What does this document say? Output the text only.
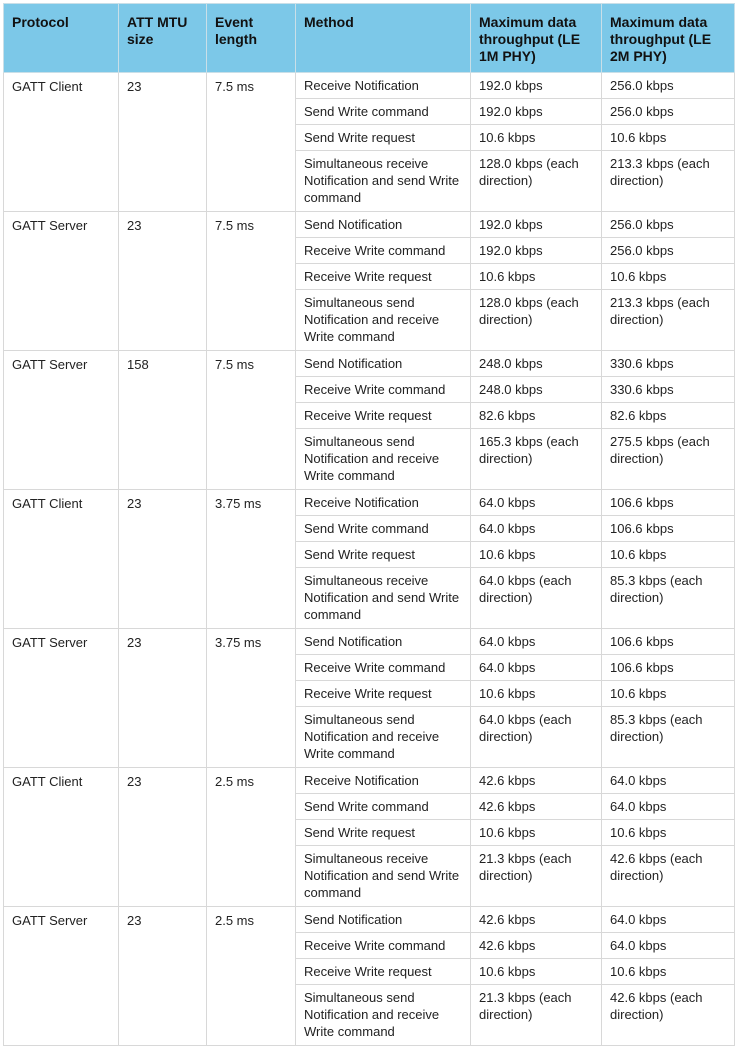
Protocol	ATT MTU size	Event length	Method	Maximum data throughput (LE 1M PHY)	Maximum data throughput (LE 2M PHY)
GATT Client	23	7.5 ms	Receive Notification	192.0 kbps	256.0 kbps
			Send Write command	192.0 kbps	256.0 kbps
			Send Write request	10.6 kbps	10.6 kbps
			Simultaneous receive Notification and send Write command	128.0 kbps (each direction)	213.3 kbps (each direction)
GATT Server	23	7.5 ms	Send Notification	192.0 kbps	256.0 kbps
			Receive Write command	192.0 kbps	256.0 kbps
			Receive Write request	10.6 kbps	10.6 kbps
			Simultaneous send Notification and receive Write command	128.0 kbps (each direction)	213.3 kbps (each direction)
GATT Server	158	7.5 ms	Send Notification	248.0 kbps	330.6 kbps
			Receive Write command	248.0 kbps	330.6 kbps
			Receive Write request	82.6 kbps	82.6 kbps
			Simultaneous send Notification and receive Write command	165.3 kbps (each direction)	275.5 kbps (each direction)
GATT Client	23	3.75 ms	Receive Notification	64.0 kbps	106.6 kbps
			Send Write command	64.0 kbps	106.6 kbps
			Send Write request	10.6 kbps	10.6 kbps
			Simultaneous receive Notification and send Write command	64.0 kbps (each direction)	85.3 kbps (each direction)
GATT Server	23	3.75 ms	Send Notification	64.0 kbps	106.6 kbps
			Receive Write command	64.0 kbps	106.6 kbps
			Receive Write request	10.6 kbps	10.6 kbps
			Simultaneous send Notification and receive Write command	64.0 kbps (each direction)	85.3 kbps (each direction)
GATT Client	23	2.5 ms	Receive Notification	42.6 kbps	64.0 kbps
			Send Write command	42.6 kbps	64.0 kbps
			Send Write request	10.6 kbps	10.6 kbps
			Simultaneous receive Notification and send Write command	21.3 kbps (each direction)	42.6 kbps (each direction)
GATT Server	23	2.5 ms	Send Notification	42.6 kbps	64.0 kbps
			Receive Write command	42.6 kbps	64.0 kbps
			Receive Write request	10.6 kbps	10.6 kbps
			Simultaneous send Notification and receive Write command	21.3 kbps (each direction)	42.6 kbps (each direction)
